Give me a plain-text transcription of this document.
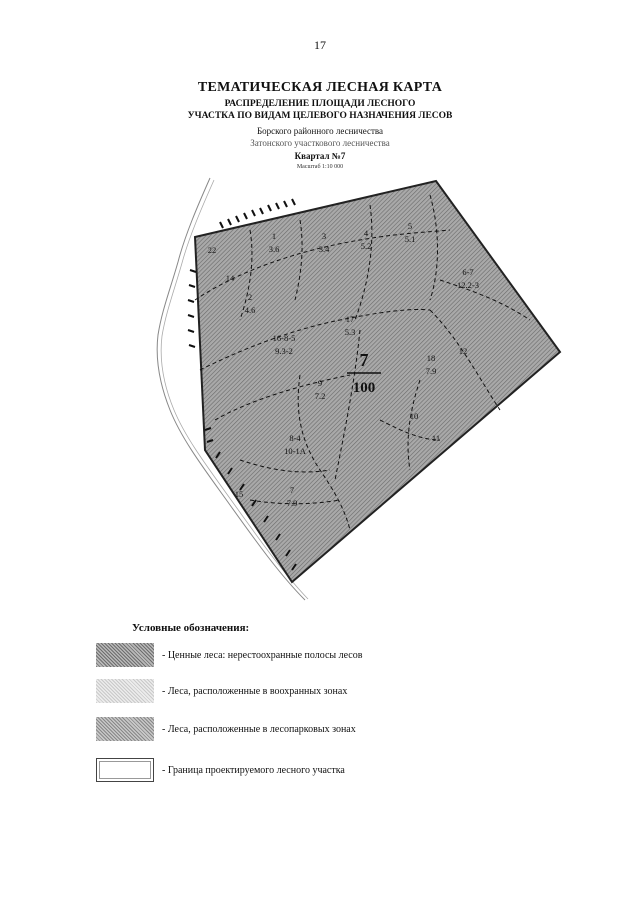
17
ТЕМАТИЧЕСКАЯ ЛЕСНАЯ КАРТА
РАСПРЕДЕЛЕНИЕ ПЛОЩАДИ ЛЕСНОГО
УЧАСТКА ПО ВИДАМ ЦЕЛЕВОГО НАЗНАЧЕНИЯ ЛЕСОВ
Борского районного лесничества
Затонского участкового лесничества
Квартал №7
Масштаб 1:10 000
1
3.6
3
3.4
4
5.2
5
5.1
6-7
12.2-3
2
4.6
17
5.3
16-8-5
9.3-2
18
7.9
9
7.2
8-4
10-1А
7
7.9
22
14
12
10
11
15
7
100
Условные обозначения:
- Ценные леса: нерестоохранные полосы лесов
- Леса, расположенные в воохранных зонах
- Леса, расположенные в лесопарковых зонах
- Граница проектируемого лесного участка
